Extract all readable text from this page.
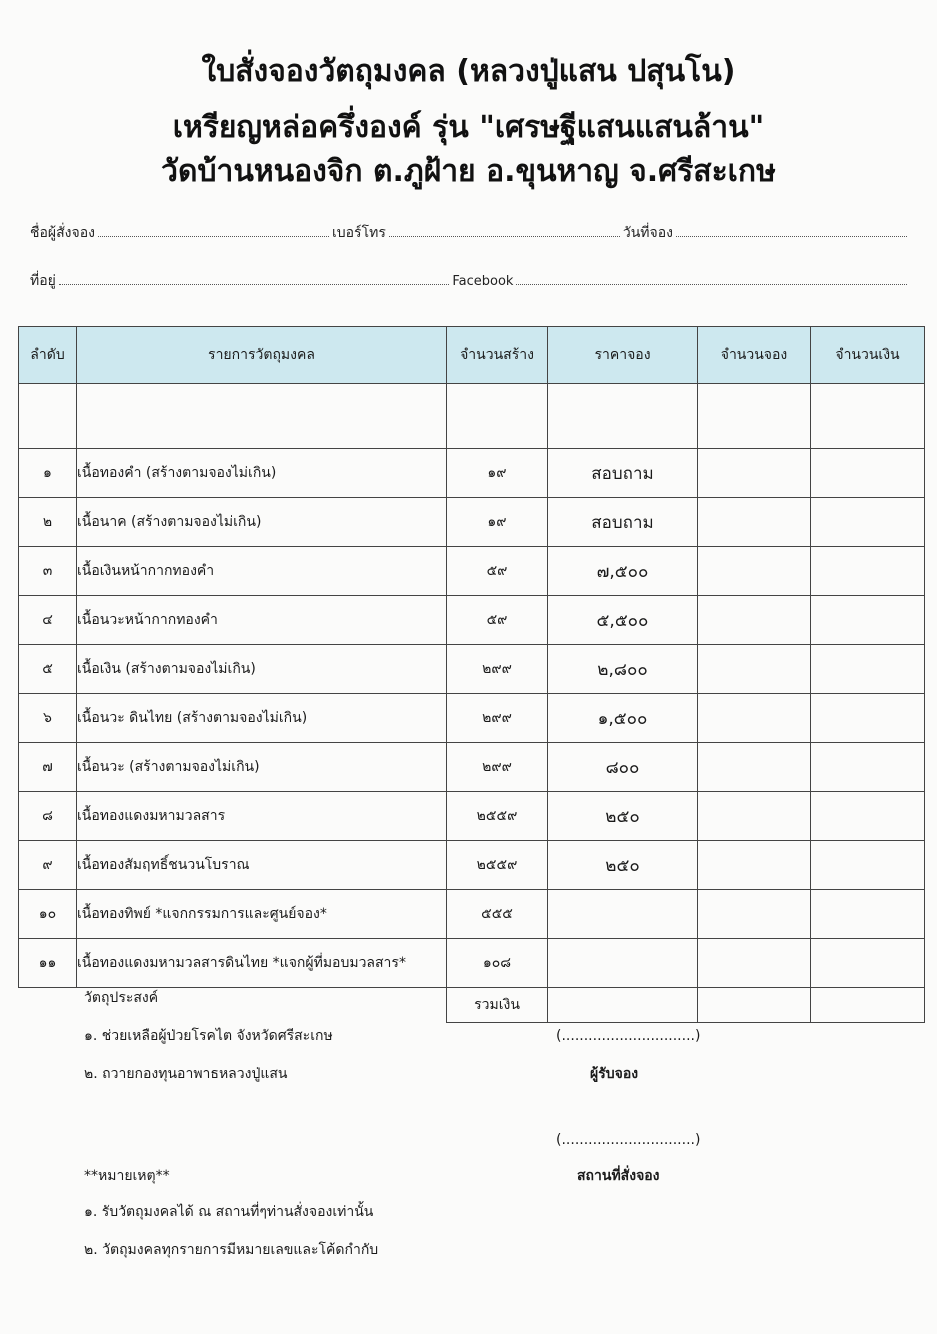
ใบสั่งจองวัตถุมงคล (หลวงปู่แสน ปสุนโน)
เหรียญหล่อครึ่งองค์ รุ่น "เศรษฐีแสนแสนล้าน"
วัดบ้านหนองจิก ต.ภูฝ้าย อ.ขุนหาญ จ.ศรีสะเกษ
ชื่อผู้สั่งจอง	เบอร์โทร	วันที่จอง
ที่อยู่	Facebook
ลำดับ	รายการวัตถุมงคล	จำนวนสร้าง	ราคาจอง	จำนวนจอง	จำนวนเงิน

๑	เนื้อทองคำ (สร้างตามจองไม่เกิน)	๑๙	สอบถาม		
๒	เนื้อนาค (สร้างตามจองไม่เกิน)	๑๙	สอบถาม		
๓	เนื้อเงินหน้ากากทองคำ	๕๙	๗,๕๐๐		
๔	เนื้อนวะหน้ากากทองคำ	๕๙	๕,๕๐๐		
๕	เนื้อเงิน (สร้างตามจองไม่เกิน)	๒๙๙	๒,๘๐๐		
๖	เนื้อนวะ ดินไทย (สร้างตามจองไม่เกิน)	๒๙๙	๑,๕๐๐		
๗	เนื้อนวะ (สร้างตามจองไม่เกิน)	๒๙๙	๘๐๐		
๘	เนื้อทองแดงมหามวลสาร	๒๕๕๙	๒๕๐		
๙	เนื้อทองสัมฤทธิ์ชนวนโบราณ	๒๕๕๙	๒๕๐		
๑๐	เนื้อทองทิพย์ *แจกกรรมการและศูนย์จอง*	๕๕๕			
๑๑	เนื้อทองแดงมหามวลสารดินไทย *แจกผู้ที่มอบมวลสาร*	๑๐๘			
		รวมเงิน			
วัตถุประสงค์
๑. ช่วยเหลือผู้ป่วยโรคไต จังหวัดศรีสะเกษ
๒. ถวายกองทุนอาพาธหลวงปู่แสน
(..............................)
ผู้รับจอง
(..............................)
สถานที่สั่งจอง
**หมายเหตุ**
๑. รับวัตถุมงคลได้ ณ สถานที่ๆท่านสั่งจองเท่านั้น
๒. วัตถุมงคลทุกรายการมีหมายเลขและโค้ดกำกับ
